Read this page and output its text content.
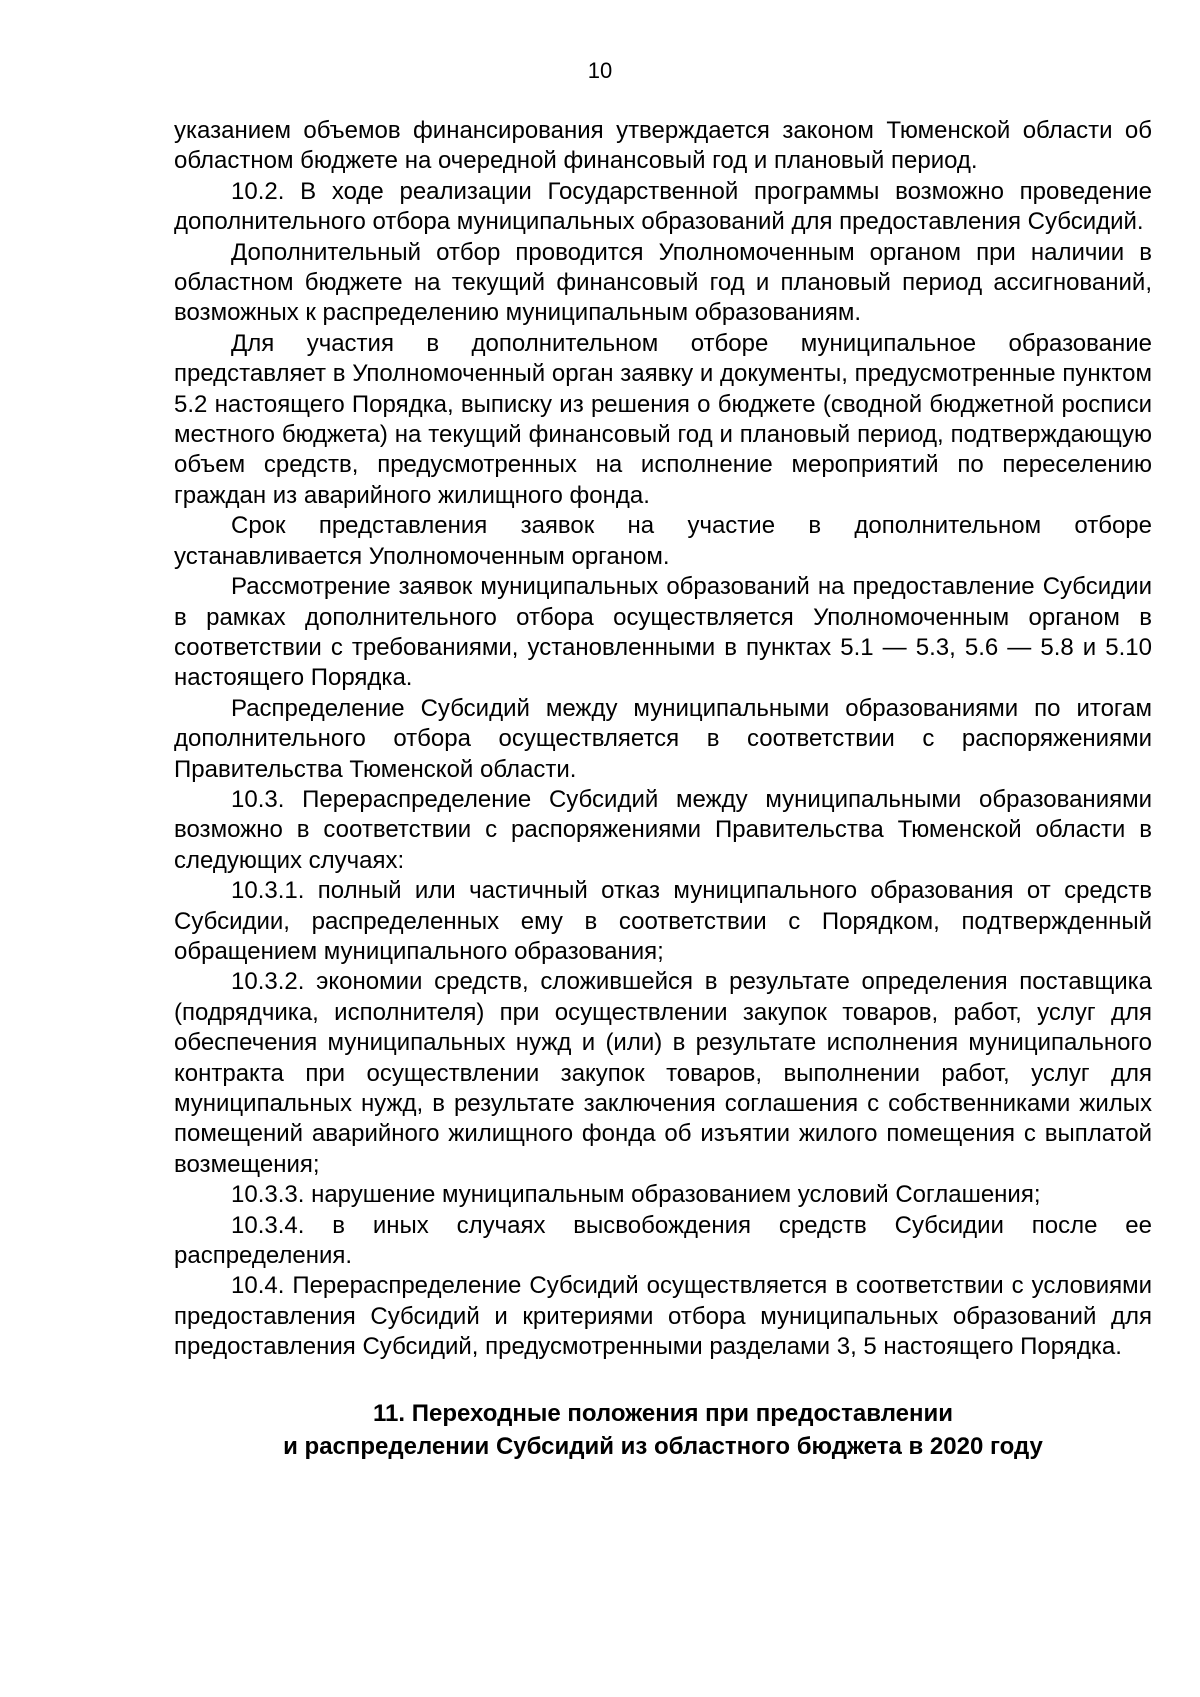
10

указанием объемов финансирования утверждается законом Тюменской области об областном бюджете на очередной финансовый год и плановый период.

10.2. В ходе реализации Государственной программы возможно проведение дополнительного отбора муниципальных образований для предоставления Субсидий.

Дополнительный отбор проводится Уполномоченным органом при наличии в областном бюджете на текущий финансовый год и плановый период ассигнований, возможных к распределению муниципальным образованиям.

Для участия в дополнительном отборе муниципальное образование представляет в Уполномоченный орган заявку и документы, предусмотренные пунктом 5.2 настоящего Порядка, выписку из решения о бюджете (сводной бюджетной росписи местного бюджета) на текущий финансовый год и плановый период, подтверждающую объем средств, предусмотренных на исполнение мероприятий по переселению граждан из аварийного жилищного фонда.

Срок представления заявок на участие в дополнительном отборе устанавливается Уполномоченным органом.

Рассмотрение заявок муниципальных образований на предоставление Субсидии в рамках дополнительного отбора осуществляется Уполномоченным органом в соответствии с требованиями, установленными в пунктах 5.1 — 5.3, 5.6 — 5.8 и 5.10 настоящего Порядка.

Распределение Субсидий между муниципальными образованиями по итогам дополнительного отбора осуществляется в соответствии с распоряжениями Правительства Тюменской области.

10.3. Перераспределение Субсидий между муниципальными образованиями возможно в соответствии с распоряжениями Правительства Тюменской области в следующих случаях:

10.3.1. полный или частичный отказ муниципального образования от средств Субсидии, распределенных ему в соответствии с Порядком, подтвержденный обращением муниципального образования;

10.3.2. экономии средств, сложившейся в результате определения поставщика (подрядчика, исполнителя) при осуществлении закупок товаров, работ, услуг для обеспечения муниципальных нужд и (или) в результате исполнения муниципального контракта при осуществлении закупок товаров, выполнении работ, услуг для муниципальных нужд, в результате заключения соглашения с собственниками жилых помещений аварийного жилищного фонда об изъятии жилого помещения с выплатой возмещения;

10.3.3. нарушение муниципальным образованием условий Соглашения;

10.3.4. в иных случаях высвобождения средств Субсидии после ее распределения.

10.4. Перераспределение Субсидий осуществляется в соответствии с условиями предоставления Субсидий и критериями отбора муниципальных образований для предоставления Субсидий, предусмотренными разделами 3, 5 настоящего Порядка.

11. Переходные положения при предоставлении
и распределении Субсидий из областного бюджета в 2020 году
